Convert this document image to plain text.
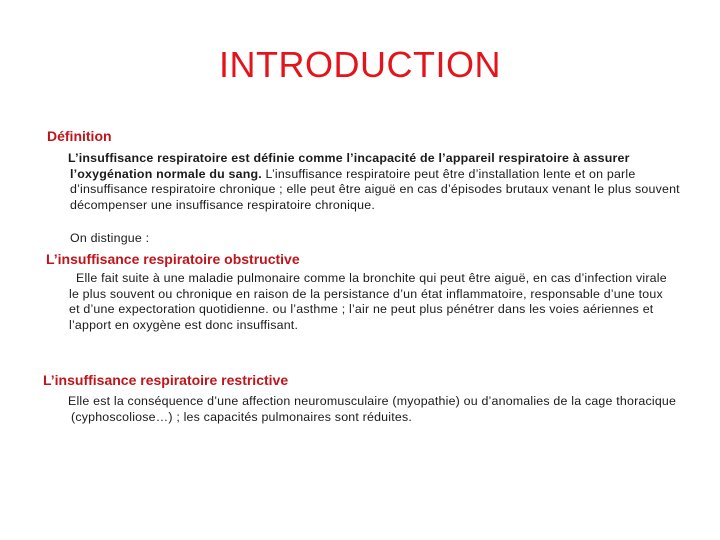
INTRODUCTION
Définition

L’insuffisance respiratoire est définie comme l’incapacité de l’appareil respiratoire à assurer l’oxygénation normale du sang. L’insuffisance respiratoire peut être d’installation lente et on parle d’insuffisance respiratoire chronique ; elle peut être aiguë en cas d’épisodes brutaux venant le plus souvent décompenser une insuffisance respiratoire chronique.

On distingue :

L’insuffisance respiratoire obstructive

Elle fait suite à une maladie pulmonaire comme la bronchite qui peut être aiguë, en cas d’infection virale le plus souvent ou chronique en raison de la persistance d’un état inflammatoire, responsable d’une toux et d’une expectoration quotidienne. ou l’asthme ; l’air ne peut plus pénétrer dans les voies aériennes et l’apport en oxygène est donc insuffisant.

L’insuffisance respiratoire restrictive

Elle est la conséquence d’une affection neuromusculaire (myopathie) ou d’anomalies de la cage thoracique (cyphoscoliose…) ; les capacités pulmonaires sont réduites.
